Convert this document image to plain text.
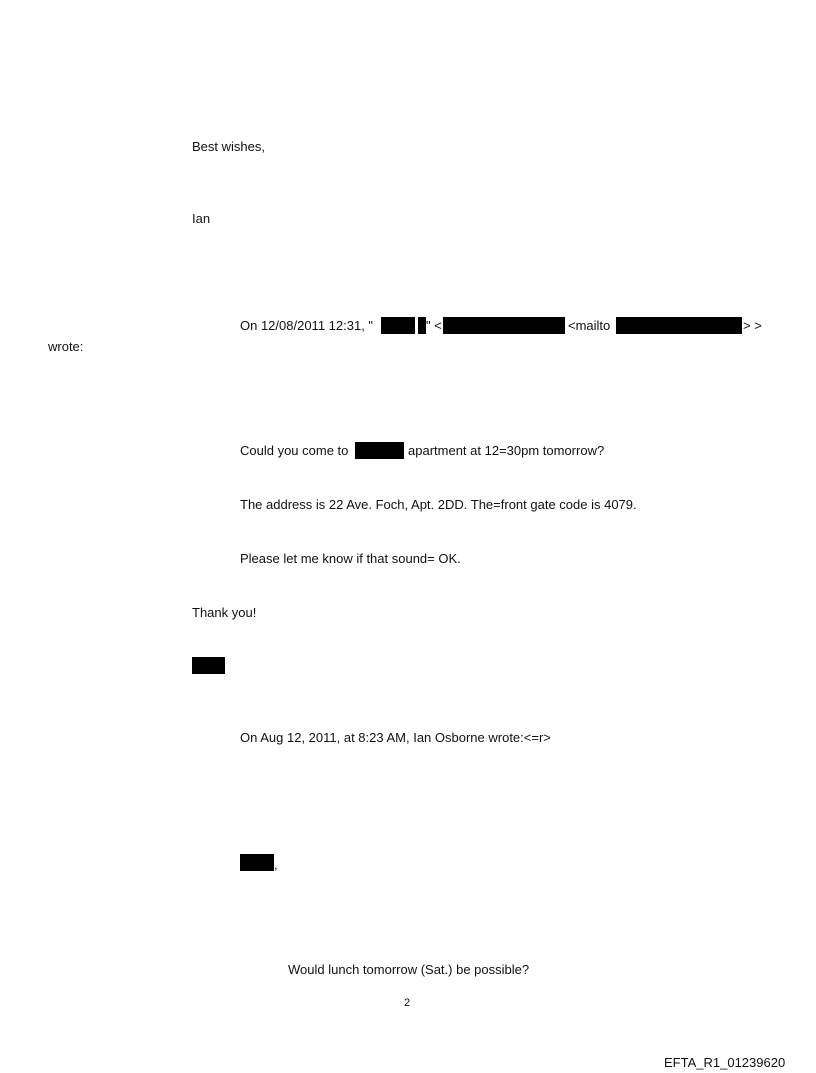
Best wishes,
Ian
On 12/08/2011 12:31, "	" <	<mailto	> >
wrote:
Could you come to	apartment at 12=30pm tomorrow?
The address is 22 Ave. Foch, Apt. 2DD. The=front gate code is 4079.
Please let me know if that sound= OK.
Thank you!
On Aug 12, 2011, at 8:23 AM, Ian Osborne wrote:<=r>
,
Would lunch tomorrow (Sat.) be possible?
2
EFTA_R1_01239620
